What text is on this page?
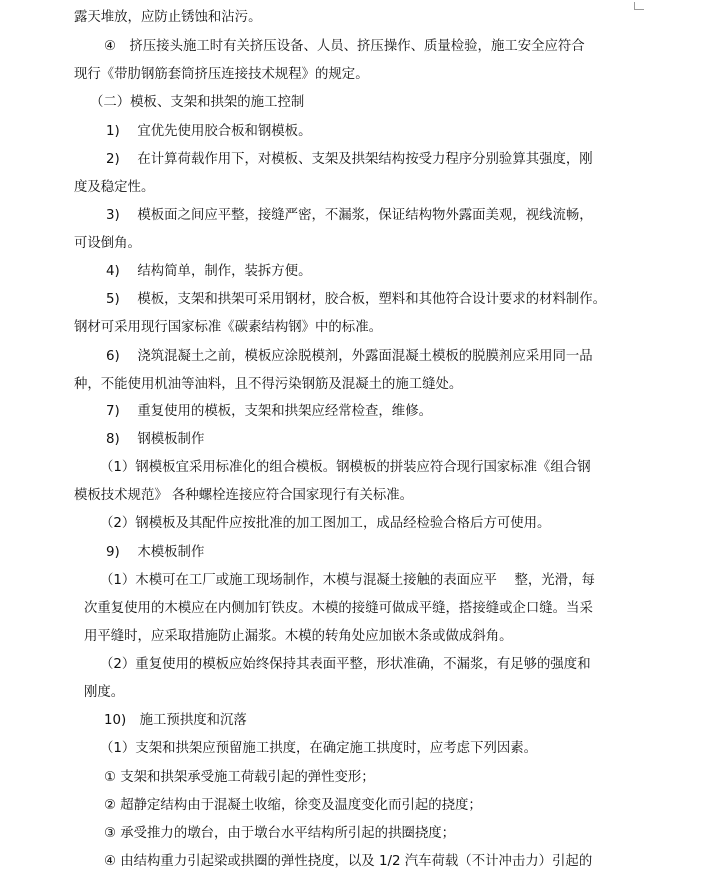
露天堆放，应防止锈蚀和沾污。
④　挤压接头施工时有关挤压设备、人员、挤压操作、质量检验，施工安全应符合
现行《带肋钢筋套筒挤压连接技术规程》的规定。
（二）模板、支架和拱架的施工控制
1)　 宜优先使用胶合板和钢模板。
2)　 在计算荷载作用下，对模板、支架及拱架结构按受力程序分别验算其强度，刚
度及稳定性。
3)　 模板面之间应平整，接缝严密，不漏浆，保证结构物外露面美观，视线流畅，
可设倒角。
4)　 结构简单，制作，装拆方便。
5)　 模板，支架和拱架可采用钢材，胶合板，塑料和其他符合设计要求的材料制作。
钢材可采用现行国家标准《碳素结构钢》中的标准。
6)　 浇筑混凝土之前，模板应涂脱模剂，外露面混凝土模板的脱膜剂应采用同一品
种，不能使用机油等油料，且不得污染钢筋及混凝土的施工缝处。
7)　 重复使用的模板，支架和拱架应经常检查，维修。
8)　 钢模板制作
（1）钢模板宜采用标准化的组合模板。钢模板的拼装应符合现行国家标准《组合钢
模板技术规范》 各种螺栓连接应符合国家现行有关标准。
（2）钢模板及其配件应按批准的加工图加工，成品经检验合格后方可使用。
9)　 木模板制作
（1）木模可在工厂或施工现场制作，木模与混凝土接触的表面应平　 整，光滑，每
次重复使用的木模应在内侧加钉铁皮。木模的接缝可做成平缝，搭接缝或企口缝。当采
用平缝时，应采取措施防止漏浆。木模的转角处应加嵌木条或做成斜角。
（2）重复使用的模板应始终保持其表面平整，形状准确，不漏浆，有足够的强度和
刚度。
10)　施工预拱度和沉落
（1）支架和拱架应预留施工拱度，在确定施工拱度时，应考虑下列因素。
① 支架和拱架承受施工荷载引起的弹性变形；
② 超静定结构由于混凝土收缩，徐变及温度变化而引起的挠度；
③ 承受推力的墩台，由于墩台水平结构所引起的拱圈挠度；
④ 由结构重力引起梁或拱圈的弹性挠度，以及 1/2 汽车荷载（不计冲击力）引起的
